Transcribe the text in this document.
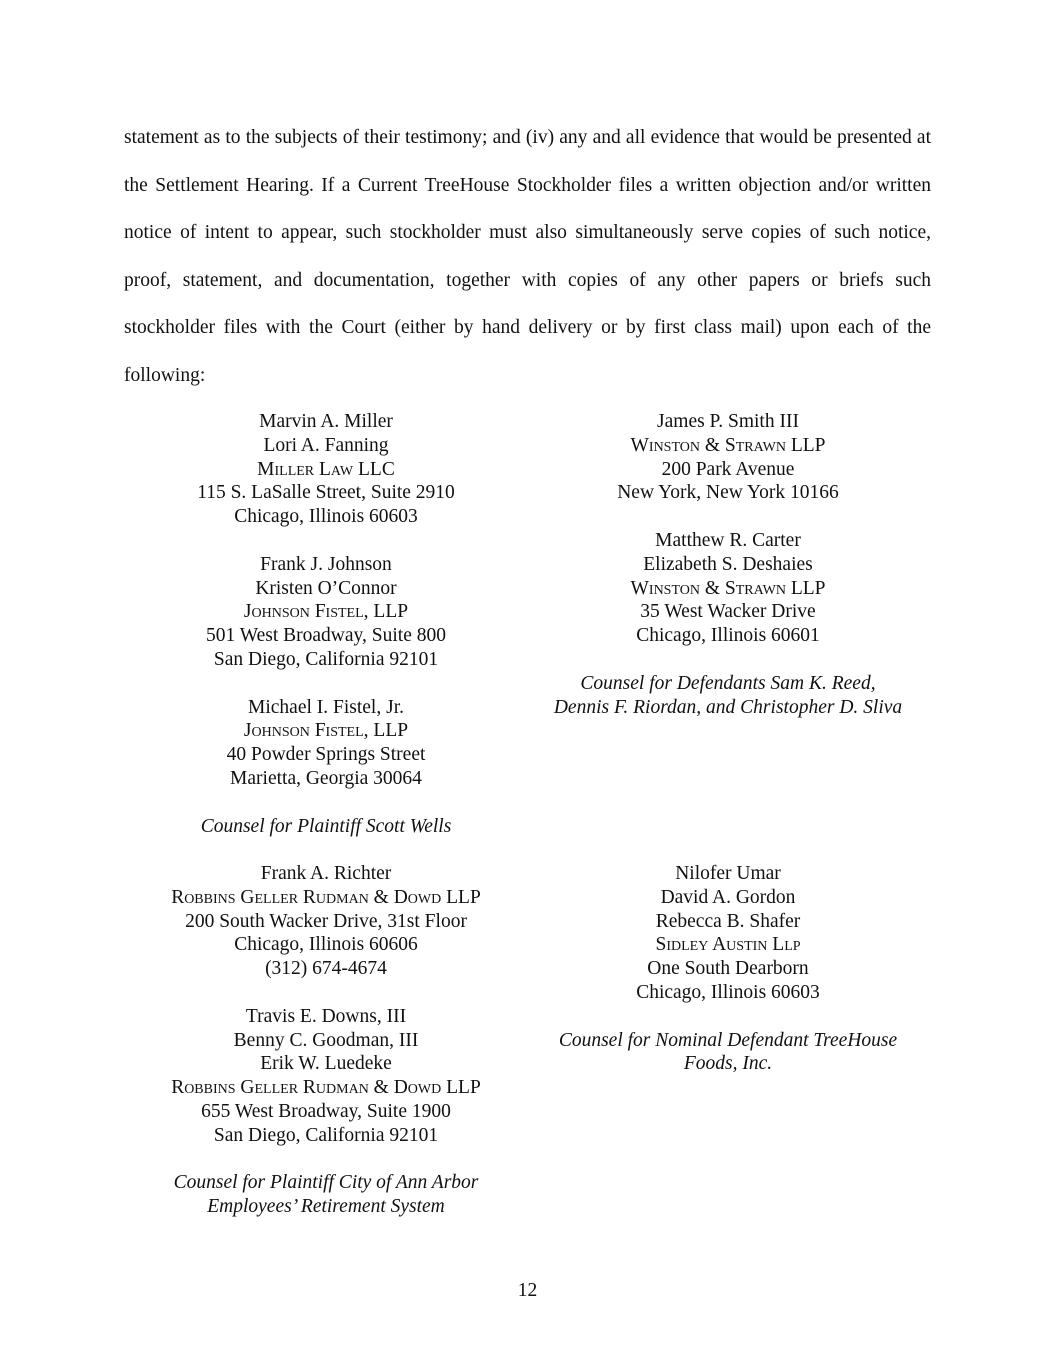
statement as to the subjects of their testimony; and (iv) any and all evidence that would be presented at the Settlement Hearing. If a Current TreeHouse Stockholder files a written objection and/or written notice of intent to appear, such stockholder must also simultaneously serve copies of such notice, proof, statement, and documentation, together with copies of any other papers or briefs such stockholder files with the Court (either by hand delivery or by first class mail) upon each of the following:

Marvin A. Miller
Lori A. Fanning
Miller Law LLC
115 S. LaSalle Street, Suite 2910
Chicago, Illinois 60603
Frank J. Johnson
Kristen O’Connor
Johnson Fistel, LLP
501 West Broadway, Suite 800
San Diego, California 92101
Michael I. Fistel, Jr.
Johnson Fistel, LLP
40 Powder Springs Street
Marietta, Georgia 30064
Counsel for Plaintiff Scott Wells
James P. Smith III
Winston & Strawn LLP
200 Park Avenue
New York, New York 10166
Matthew R. Carter
Elizabeth S. Deshaies
Winston & Strawn LLP
35 West Wacker Drive
Chicago, Illinois 60601
Counsel for Defendants Sam K. Reed,
Dennis F. Riordan, and Christopher D. Sliva
Frank A. Richter
Robbins Geller Rudman & Dowd LLP
200 South Wacker Drive, 31st Floor
Chicago, Illinois 60606
(312) 674-4674
Travis E. Downs, III
Benny C. Goodman, III
Erik W. Luedeke
Robbins Geller Rudman & Dowd LLP
655 West Broadway, Suite 1900
San Diego, California 92101
Counsel for Plaintiff City of Ann Arbor
Employees’ Retirement System
Nilofer Umar
David A. Gordon
Rebecca B. Shafer
Sidley Austin Llp
One South Dearborn
Chicago, Illinois 60603
Counsel for Nominal Defendant TreeHouse
Foods, Inc.
12
